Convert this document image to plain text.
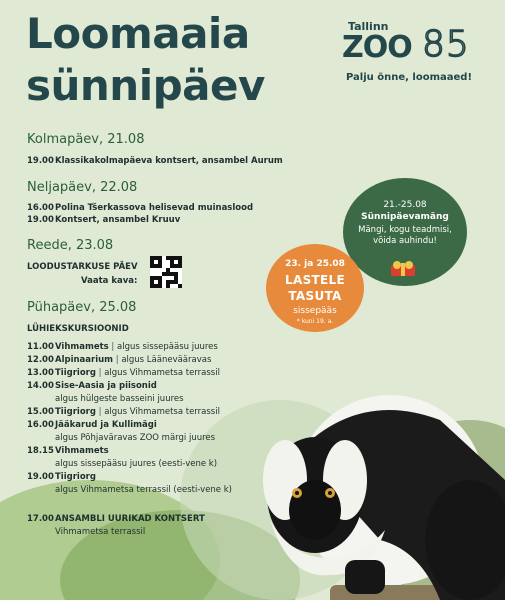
Loomaaia
sünnipäev
Tallinn
ZOO 85
Palju õnne, loomaaed!
Kolmapäev, 21.08
19.00Klassikakolmapäeva kontsert, ansambel Aurum
Neljapäev, 22.08
16.00Polina Tšerkassova helisevad muinaslood
19.00Kontsert, ansambel Kruuv
Reede, 23.08
LOODUSTARKUSE PÄEV
Vaata kava:
Pühapäev, 25.08
LÜHIEKSKURSIOONID
11.00Vihmamets | algus sissepääsu juures
12.00Alpinaarium | algus Läänevääravas
13.00Tiigriorg | algus Vihmametsa terrassil
14.00Sise-Aasia ja piisonid
algus hülgeste basseini juures
15.00Tiigriorg | algus Vihmametsa terrassil
16.00Jääkarud ja Kullimägi
algus Põhjaväravas ZOO märgi juures
18.15Vihmamets
algus sissepääsu juures (eesti-vene k)
19.00Tiigriorg
algus Vihmametsa terrassil (eesti-vene k)
17.00ANSAMBLI UURIKAD KONTSERT
Vihmametsa terrassil
21.-25.08
Sünnipäevamäng
Mängi, kogu teadmisi, võida auhindu!
23. ja 25.08
LASTELE
TASUTA
sissepääs
* kuni 19. a.
